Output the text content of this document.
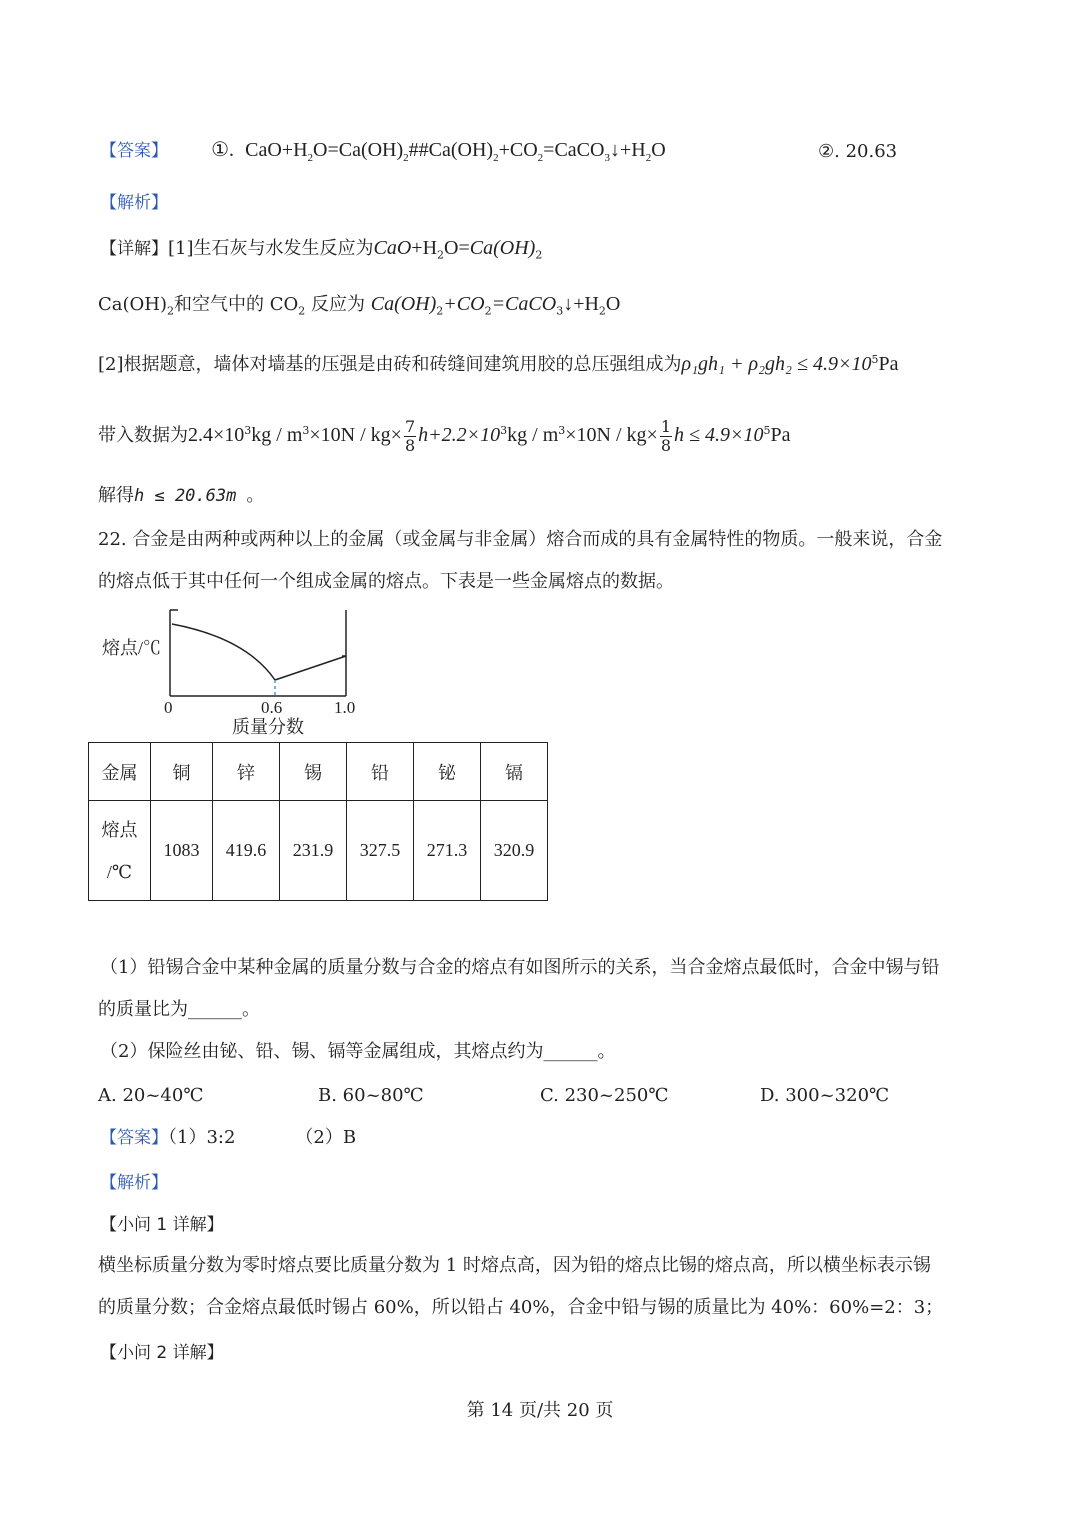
【答案】 ①. $CaO+H_2O=Ca(OH)_2\#\#Ca(OH)_2+CO_2=CaCO_3↓+H_2O$	②. 20.63
【解析】
【详解】[1]生石灰与水发生反应为$CaO+H_2O=Ca(OH)_2$
$Ca(OH)_2$和空气中的 $CO_2$ 反应为 $Ca(OH)_2+CO_2=CaCO_3↓+H_2O$
[2]根据题意，墙体对墙基的压强是由砖和砖缝间建筑用胶的总压强组成为$\rho_1gh_1 + \rho_2gh_2 \le 4.9\times 10^5Pa$
带入数据为$2.4\times 10^3kg / m^3\times 10N / kg\times \frac{7}{8} h+2.2\times 10^3kg / m^3\times 10N / kg\times \frac{1}{8}$ $h \le 4.9\times 10^5Pa$
解得h ≤ 20.63m 。
22. 合金是由两种或两种以上的金属（或金属与非金属）熔合而成的具有金属特性的物质。一般来说，合金
的熔点低于其中任何一个组成金属的熔点。下表是一些金属熔点的数据。
熔点/℃
0	0.6	1.0
质量分数
金属	铜	锌	锡	铅	铋	镉
熔点
/℃	1083	419.6	231.9	327.5	271.3	320.9
（1）铅锡合金中某种金属的质量分数与合金的熔点有如图所示的关系，当合金熔点最低时，合金中锡与铅
的质量比为______。
（2）保险丝由铋、铅、锡、镉等金属组成，其熔点约为______。
A. 20~40℃	B. 60~80℃	C. 230~250℃	D. 300~320℃
【答案】（1）3:2	（2）B
【解析】
【小问 1 详解】
横坐标质量分数为零时熔点要比质量分数为 1 时熔点高，因为铅的熔点比锡的熔点高，所以横坐标表示锡
的质量分数；合金熔点最低时锡占 60%，所以铅占 40%，合金中铅与锡的质量比为 40%：60%=2：3；
【小问 2 详解】
第 14 页/共 20 页
